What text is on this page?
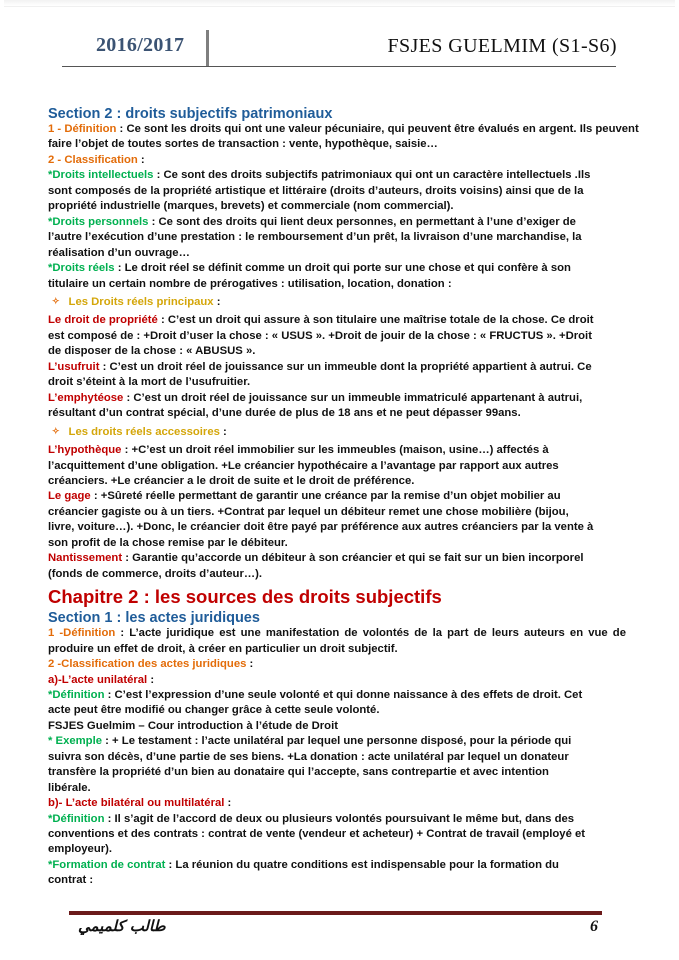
2016/2017	FSJES GUELMIM (S1-S6)
Section 2 : droits subjectifs patrimoniaux
1 - Définition : Ce sont les droits qui ont une valeur pécuniaire, qui peuvent être évalués en argent. Ils peuvent
faire l’objet de toutes sortes de transaction : vente, hypothèque, saisie…
2 - Classification :
*Droits intellectuels : Ce sont des droits subjectifs patrimoniaux qui ont un caractère intellectuels .Ils
sont composés de la propriété artistique et littéraire (droits d’auteurs, droits voisins) ainsi que de la
propriété industrielle (marques, brevets) et commerciale (nom commercial).
*Droits personnels : Ce sont des droits qui lient deux personnes, en permettant à l’une d’exiger de
l’autre l’exécution d’une prestation : le remboursement d’un prêt, la livraison d’une marchandise, la
réalisation d’un ouvrage…
*Droits réels : Le droit réel se définit comme un droit qui porte sur une chose et qui confère à son
titulaire un certain nombre de prérogatives : utilisation, location, donation :
✧ Les Droits réels principaux :
Le droit de propriété : C’est un droit qui assure à son titulaire une maîtrise totale de la chose. Ce droit
est composé de : +Droit d’user la chose : « USUS ». +Droit de jouir de la chose : « FRUCTUS ». +Droit
de disposer de la chose : « ABUSUS ».
L’usufruit : C’est un droit réel de jouissance sur un immeuble dont la propriété appartient à autrui. Ce
droit s’éteint à la mort de l’usufruitier.
L’emphytéose : C’est un droit réel de jouissance sur un immeuble immatriculé appartenant à autrui,
résultant d’un contrat spécial, d’une durée de plus de 18 ans et ne peut dépasser 99ans.
✧ Les droits réels accessoires :
L’hypothèque : +C’est un droit réel immobilier sur les immeubles (maison, usine…) affectés à
l’acquittement d’une obligation. +Le créancier hypothécaire a l’avantage par rapport aux autres
créanciers. +Le créancier a le droit de suite et le droit de préférence.
Le gage : +Sûreté réelle permettant de garantir une créance par la remise d’un objet mobilier au
créancier gagiste ou à un tiers. +Contrat par lequel un débiteur remet une chose mobilière (bijou,
livre, voiture…). +Donc, le créancier doit être payé par préférence aux autres créanciers par la vente à
son profit de la chose remise par le débiteur.
Nantissement : Garantie qu’accorde un débiteur à son créancier et qui se fait sur un bien incorporel
(fonds de commerce, droits d’auteur…).
Chapitre 2 : les sources des droits subjectifs
Section 1 : les actes juridiques
1 -Définition : L’acte juridique est une manifestation de volontés de la part de leurs auteurs en vue de
produire un effet de droit, à créer en particulier un droit subjectif.
2 -Classification des actes juridiques :
a)-L’acte unilatéral :
*Définition : C’est l’expression d’une seule volonté et qui donne naissance à des effets de droit. Cet
acte peut être modifié ou changer grâce à cette seule volonté.
FSJES Guelmim – Cour introduction à l’étude de Droit
* Exemple : + Le testament : l’acte unilatéral par lequel une personne disposé, pour la période qui
suivra son décès, d’une partie de ses biens. +La donation : acte unilatéral par lequel un donateur
transfère la propriété d’un bien au donataire qui l’accepte, sans contrepartie et avec intention
libérale.
b)- L’acte bilatéral ou multilatéral :
*Définition : Il s’agit de l’accord de deux ou plusieurs volontés poursuivant le même but, dans des
conventions et des contrats : contrat de vente (vendeur et acheteur) + Contrat de travail (employé et
employeur).
*Formation de contrat : La réunion du quatre conditions est indispensable pour la formation du
contrat :
طالب كلميمي	6
